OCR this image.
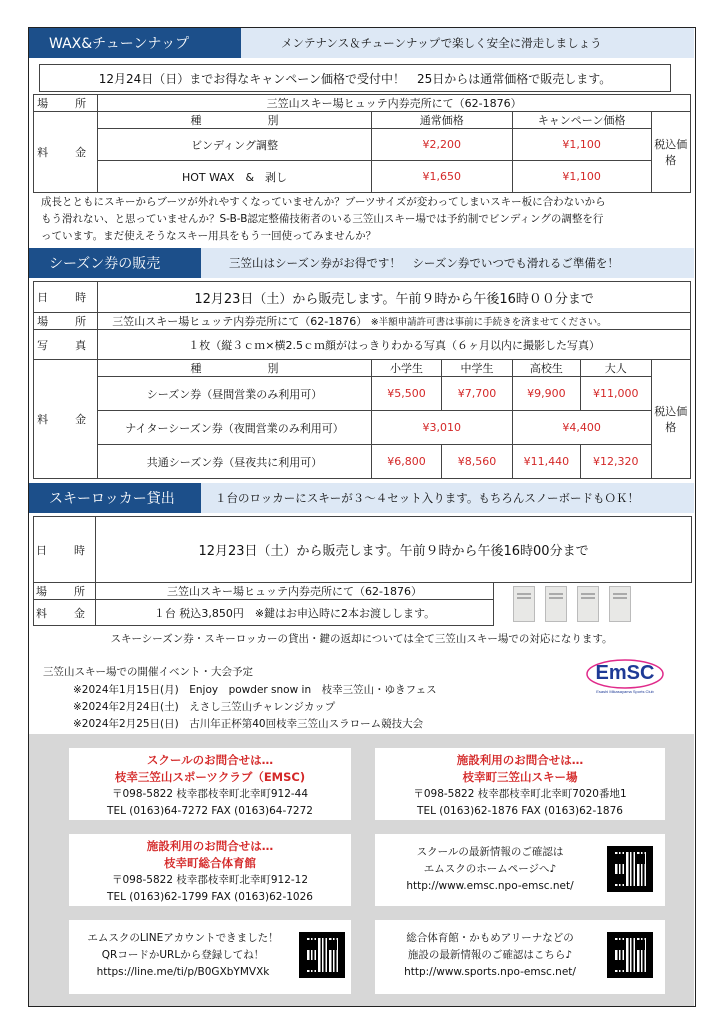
WAX&チューンナップ	メンテナンス＆チューンナップで楽しく安全に滑走しましょう
12月24日（日）までお得なキャンペーン価格で受付中！　25日からは通常価格で販売します。
場　所	三笠山スキー場ヒュッテ内券売所にて（62-1876）			
料　金	種　　　　　　別	通常価格	キャンペーン価格	税込価格
	ビンディング調整	¥2,200	¥1,100	
	HOT WAX　&　剥し	¥1,650	¥1,100	
成長とともにスキーからブーツが外れやすくなっていませんか？ブーツサイズが変わってしまいスキー板に合わないから
もう滑れない、と思っていませんか？S-B-B認定整備技術者のいる三笠山スキー場では予約制でビンディングの調整を行
っています。まだ使えそうなスキー用具をもう一回使ってみませんか？
シーズン券の販売	三笠山はシーズン券がお得です！　シーズン券でいつでも滑れるご準備を！
日　時	12月23日（土）から販売します。午前９時から午後16時００分まで					
場　所	三笠山スキー場ヒュッテ内券売所にて（62-1876） ※半額申請許可書は事前に手続きを済ませてください。					
写　真	１枚（縦３ｃｍ×横2.5ｃｍ顔がはっきりわかる写真（６ヶ月以内に撮影した写真）					
料　金	種　　　　　　別	小学生	中学生	高校生	大人	税込価格
	シーズン券（昼間営業のみ利用可）	¥5,500	¥7,700	¥9,900	¥11,000	
	ナイターシーズン券（夜間営業のみ利用可）	¥3,010		¥4,400		
	共通シーズン券（昼夜共に利用可）	¥6,800	¥8,560	¥11,440	¥12,320	
スキーロッカー貸出	１台のロッカーにスキーが３～４セット入ります。もちろんスノーボードもＯＫ！
日　時	12月23日（土）から販売します。午前９時から午後16時00分まで	
場　所	三笠山スキー場ヒュッテ内券売所にて（62-1876）	
料　金	１台 税込3,850円　※鍵はお申込時に2本お渡しします。	
スキーシーズン券・スキーロッカーの貸出・鍵の返却については全て三笠山スキー場での対応になります。
三笠山スキー場での開催イベント・大会予定
※2024年1月15日(月)　Enjoy　powder snow in　枝幸三笠山・ゆきフェス
※2024年2月24日(土)　えさし三笠山チャレンジカップ
※2024年2月25日(日)　古川年正杯第40回枝幸三笠山スラローム競技大会
EmSC
Esashi Mikasayama Sports Club
スクールのお問合せは…
枝幸三笠山スポーツクラブ（EMSC)
〒098-5822 枝幸郡枝幸町北幸町912-44
TEL (0163)64-7272 FAX (0163)64-7272
施設利用のお問合せは…
枝幸町三笠山スキー場
〒098-5822 枝幸郡枝幸町北幸町7020番地1
TEL (0163)62-1876 FAX (0163)62-1876
施設利用のお問合せは…
枝幸町総合体育館
〒098-5822 枝幸郡枝幸町北幸町912-12
TEL (0163)62-1799 FAX (0163)62-1026
スクールの最新情報のご確認は
エムスクのホームページへ♪
http://www.emsc.npo-emsc.net/
エムスクのLINEアカウントできました！
QRコードかURLから登録してね！
https://line.me/ti/p/B0GXbYMVXk
総合体育館・かもめアリーナなどの
施設の最新情報のご確認はこちら♪
http://www.sports.npo-emsc.net/
